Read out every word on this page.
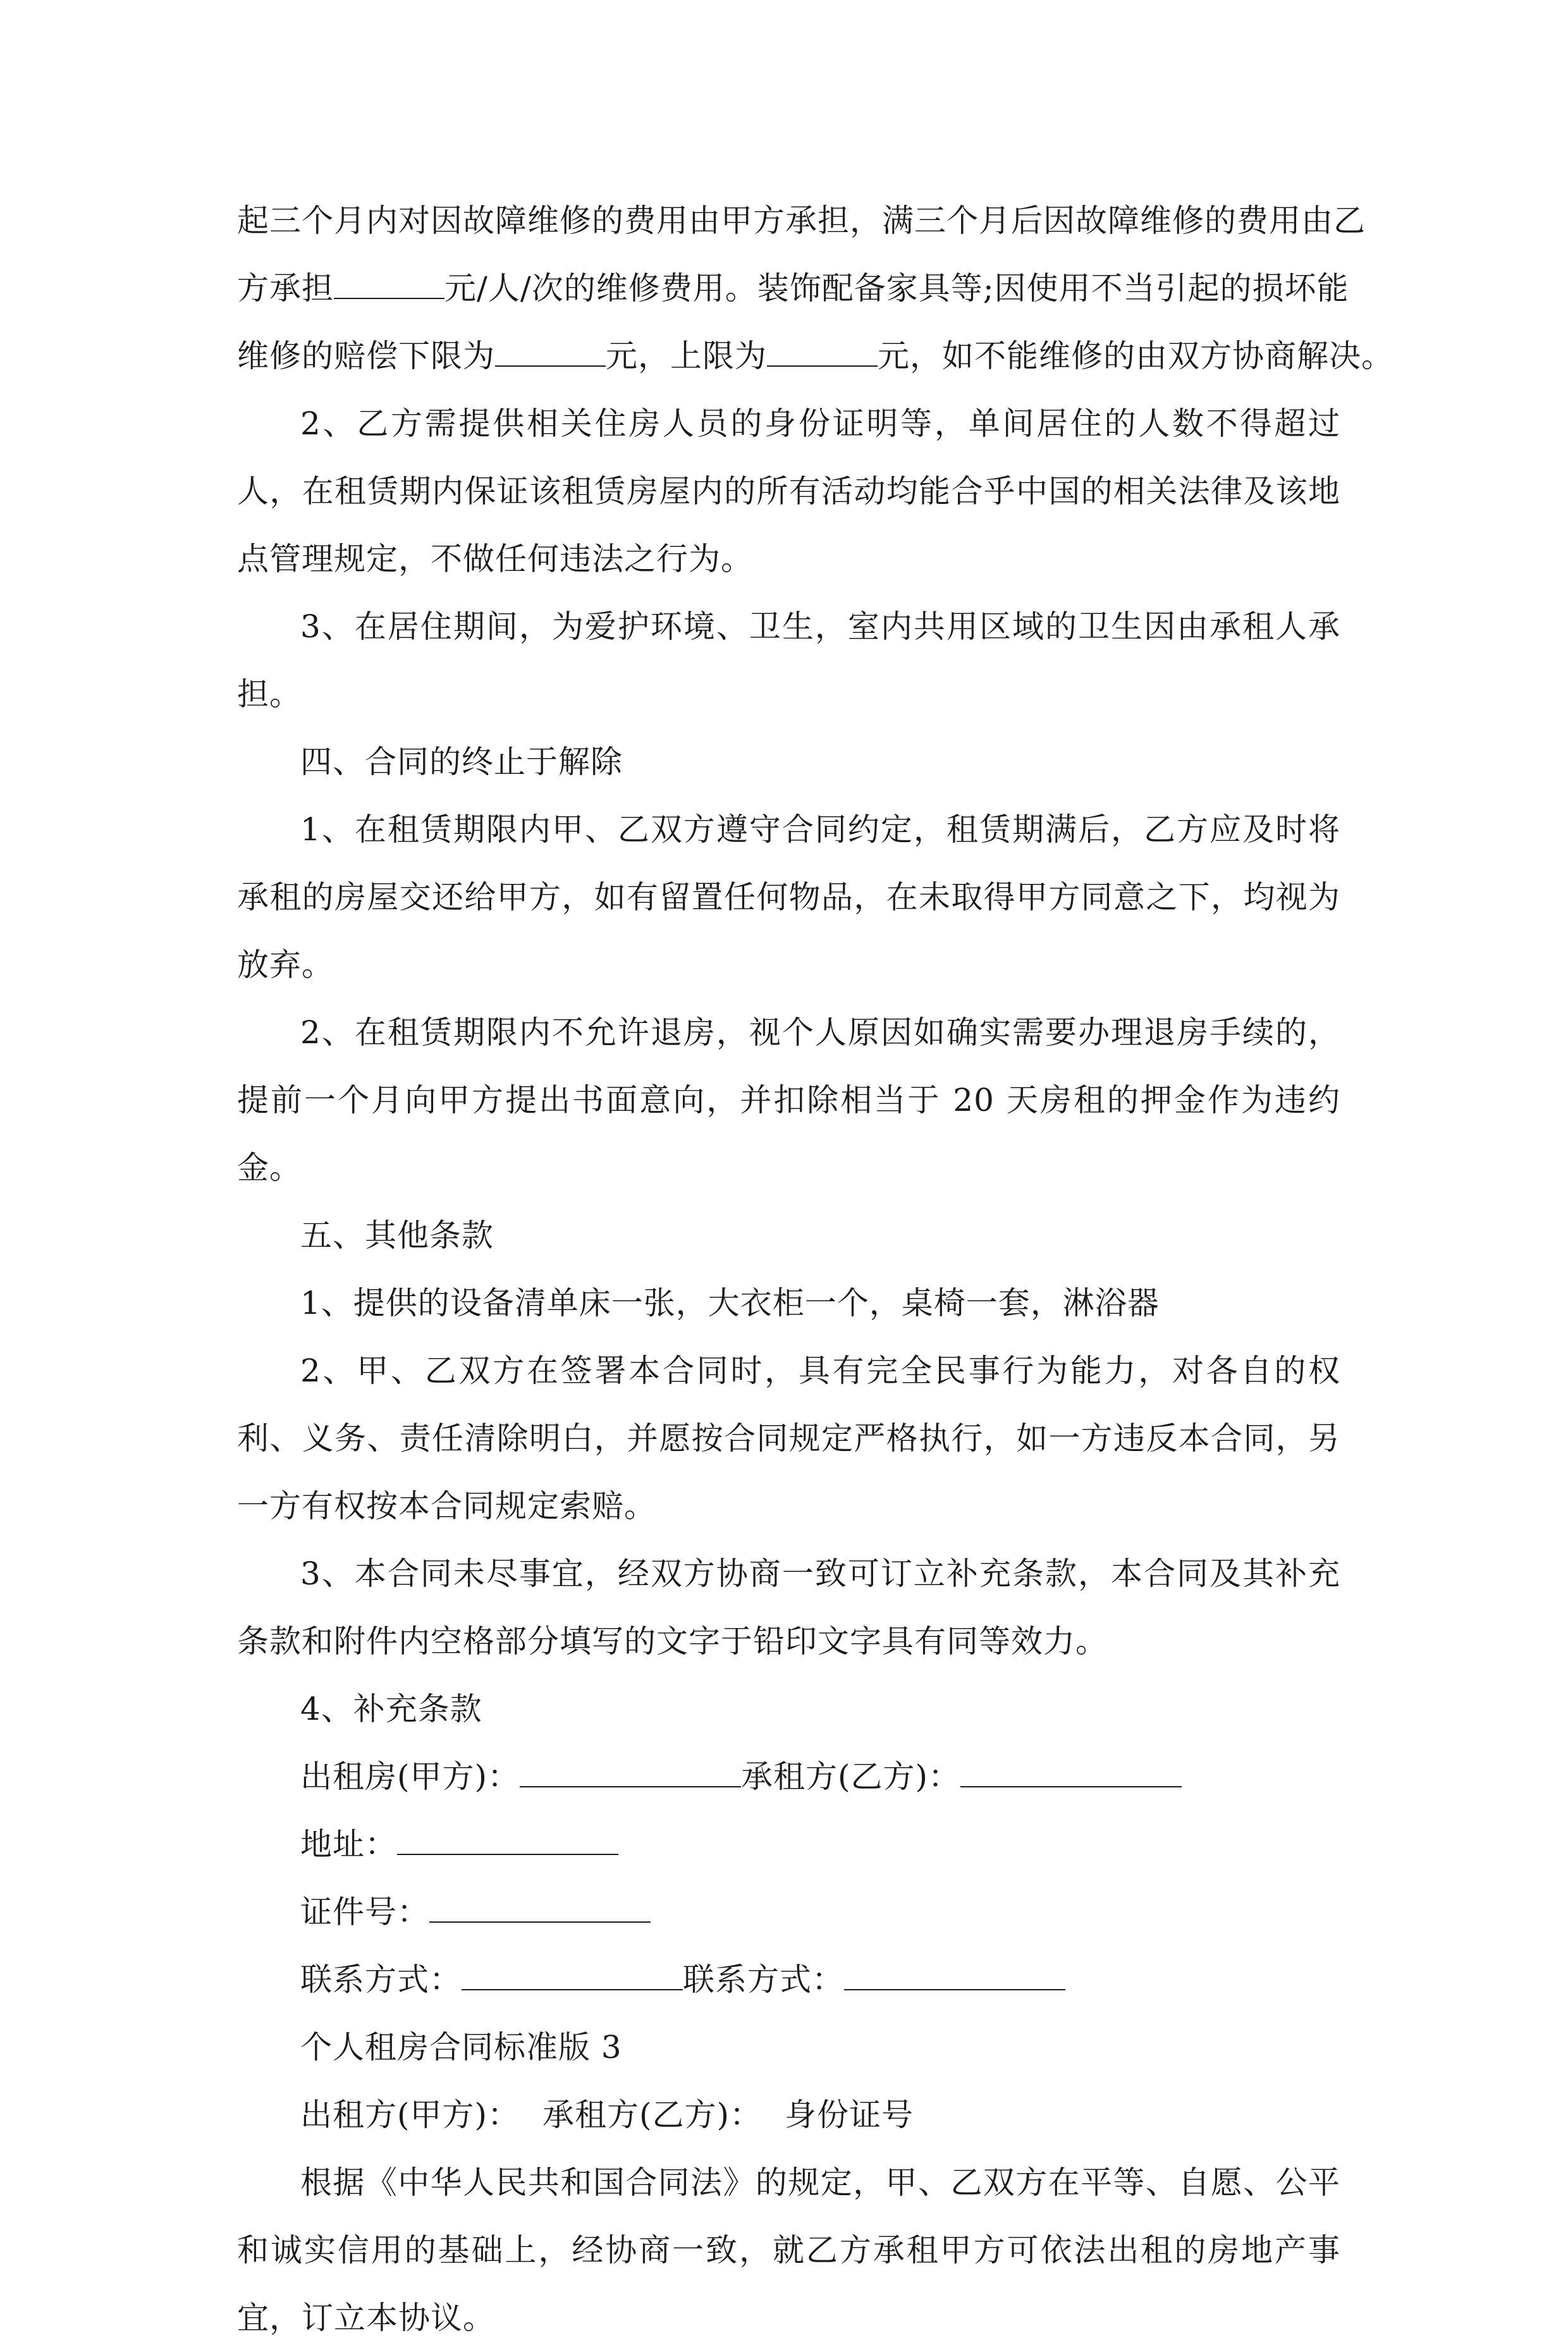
起三个月内对因故障维修的费用由甲方承担，满三个月后因故障维修的费用由乙

方承担	元/人/次的维修费用。装饰配备家具等;因使用不当引起的损坏能

维修的赔偿下限为	元，上限为	元，如不能维修的由双方协商解决。

2、乙方需提供相关住房人员的身份证明等，单间居住的人数不得超过人，在租赁期内保证该租赁房屋内的所有活动均能合乎中国的相关法律及该地点管理规定，不做任何违法之行为。

3、在居住期间，为爱护环境、卫生，室内共用区域的卫生因由承租人承担。

四、合同的终止于解除

1、在租赁期限内甲、乙双方遵守合同约定，租赁期满后，乙方应及时将承租的房屋交还给甲方，如有留置任何物品，在未取得甲方同意之下，均视为放弃。

2、在租赁期限内不允许退房，视个人原因如确实需要办理退房手续的，提前一个月向甲方提出书面意向，并扣除相当于 20 天房租的押金作为违约金。

五、其他条款

1、提供的设备清单床一张，大衣柜一个，桌椅一套，淋浴器

2、甲、乙双方在签署本合同时，具有完全民事行为能力，对各自的权利、义务、责任清除明白，并愿按合同规定严格执行，如一方违反本合同，另一方有权按本合同规定索赔。

3、本合同未尽事宜，经双方协商一致可订立补充条款，本合同及其补充条款和附件内空格部分填写的文字于铅印文字具有同等效力。

4、补充条款

出租房(甲方)：	承租方(乙方)：

地址：

证件号：

联系方式：	联系方式：

个人租房合同标准版 3

出租方(甲方)： 承租方(乙方)： 身份证号

根据《中华人民共和国合同法》的规定，甲、乙双方在平等、自愿、公平和诚实信用的基础上，经协商一致，就乙方承租甲方可依法出租的房地产事宜，订立本协议。
